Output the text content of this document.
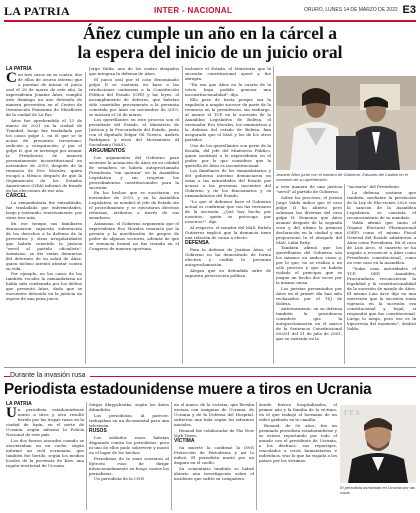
LA PATRIA	INTER - NACIONAL	ORURO, LUNES 14 DE MARZO DE 2022 E3
Áñez cumple un año en la cárcel a
la espera del inicio de un juicio oral
LA PATRIA
C on tres casos en su contra, dos de ellos de ocurso interno que a puertas de iniciar el juicio oral el 28 de marzo de este año, la expresidenta Jeanine Áñez, cumplió este domingo un año detenida de manera preventiva en el Centro de Orientación Femenina de Miraflores de la ciudad de La Paz.
Áñez fue aprehendida el 13 de marzo de 2021 en la ciudad de Trinidad, luego fue trasladada por los casos golpe I, en el que se le acusa de presuntos terrorismo, sedición y conspiración; y por el golpe II, que se investigó por asumir la Presidencia de manera presuntamente inconstitucional en noviembre de 2019, después de la renuncia de Evo Morales, quien escapó a México después de que la Organización de los Estados Americanos (OEA) informó de fraude en las elecciones de ese año.
CÁRCEL
La exmandataria fue extraditada, fue trasladada por enfermedades, largo y sostenido, reactivamente, por otras tres más.
En ese tiempo sus familiares denunciaron supuesta vulneración de los derechos a la defensa de la preventiva y otras irregularidades que habría cometido la justicia "servil al partido oficialista". Asimismo, se dio varias denuncias del deterioro de su salud de Áñez, quien incluso intentó atentar contra su vida.
Por ejemplo, en los casos de los también vocales la exmandataria no había sido condenada por los delitos que presentó Áñez, dado que se encuentra detenida en la justicia en espera de una pena juicio.
Jorge Valda, uno de los cuatro abogados que integran la defensa de Áñez.
El juicio oral por el caso denominado golpe II se sustenta en base a las resoluciones contrarias a la Constitución Política del Estado (CPE) y las leyes, al incumplimiento de deberes, que habrían sido cometidos previamente a la presunta cometida por Áñez en noviembre de 2019, se iniciará el 28 de marzo.
Los querellantes en este proceso son el presidente del Estado, el Ministerio de Justicia y la Procuraduría del Estado, junto con el diputado Edgar Gil Torrico, Andrés Rodríguez y otros del Movimiento Al Socialismo (MAS).
ARGUMENTOS
Los argumentos del Gobierno para sostener la acusación de Áñez en su calidad de senadora se habría autoproclamado Presidenta "sin quórum" en la Asamblea Legislativa y sin respetar los procedimientos constitucionales para la sucesión.
En los hechos que se suscitaron, en noviembre de 2019, y en la Asamblea Legislativa, se nombró al jefe de Estado sin el procedimiento y se ejecutaron diversas reformas, atributos a través de sus senadores.
Asimismo, el Gobierno argumenta que el expresidente Evo Morales renunció por la presión y la movilización de grupos de poder de algunos sectores, además de que su renuncia formal no fue tratada en el Congreso de manera oportuna.
inclusive el Estado, el Ministerio que la sucesión constitucional operó y fue abrupta.
"En esa que Áñez en la cuarta de la crisis, haya podido generar una inconstitucionalidad", dijo.
Ello pese de hasta porque sea la expulsión a ningún sucesor de parte de la renuncia en la presidencia, sin embargo, al menos el TCP en la sucesión de la Asamblea Legislativa de Bolivia, el exsenador Evo Morales, los exministros a la defensa del estado de Bolivia, han asegurado que el MAS y los de los otros partidos.
Uno de los querellantes son parte de la fiscalía, del jefe del Ministerio Público, quien sustituyó a la expresidenta en el poder, por lo que considera que la querella de Áñez es inconstitucional.
Los familiares de los exmandatarios y del gobierno interino denunciaron en estas a las autoridades del Estado por acusar a las personas inocentes del Gobierno y de los funcionarios y ex exmandatarios del Estado.
"Lo que el defensor hace el Gobierno actual es confirmar que con las versiones de la sucesión. ¿Qué hay hecho por nosotros, quién se preocupa por nosotros?", dijo.
Al respecto, el senador del MAS, Rubén Gutiérrez explicó que la denuncia tiene una relación de causa a efecto.
DEFENSA
Para la defensa de Jeanine Áñez, el Gobierno no ha demostrado de forma efectiva y creíble la presunta autoproclamación.
Alegan que su defendida sufre de supuesta persecución política.
Jeanine Áñez junto con el ministro de Gobierno, Eduardo del Castillo en el momento de su aprehensión.
a esta manera de una justicia "servil" al partido de Gobierno.
Sobre los procesos, el jurista Jorge Valda indicó que el caso golpe II ha abierto pero sobrasar las diversas del caso golpe II: Demonio que Áñez asumió después de la segunda cosa y del ultimo la primera declaración en la ciudad y una proporcionó la el abogado del MAS, Lidia Patty.
También afirmó que los querellantes del Gobierno son los mismos en ambos casos y, por lo que, no se realiza a un sólo proceso y que se habría violado el principio que se juzgue un hecho dos veces por la misma causa.
Los juristas presentados por Áñez en el primer día han sido rechazados por el TSJ de Bolivia.
Anteriormente, en su defensa también la presidencia consideró que la autoproclamación en el marco de la Sentencia Constitucional 003/01 del 31 de julio de 2001, que se sustenta en la
"sucesión" del Presidente.
La defensa sostiene que también, mediante la prestación de la Ley de Elecciones 2020 con la sanción de la Asamblea Legislativa, se constata el reconocimiento de su mandato.
Valda afirmó que tanto el Órgano Electoral Plurinacional (OEP) como el mismo Fiscal General del Estado admitieron a Áñez como Presidenta. En el caso de Luis Arce, el cuarteto se ha negado a reconocer a Áñez como Presidenta constitucional, como en este caso en la Asamblea.
"Todas esas autoridades el TCP, OEP, Asamblea, Procuraduría reconocieron la legalidad y la constitucionalidad de la sucesión de mando de Áñez. El mismo Luis Arce dijo en una entrevista que la sucesión tenía vigencia en la sucesión era constitucional y legal, si respondió que fue constitucional. Luego lo niega, pero eso es la hipocresía del momento", deslizó Valda.
Durante la invasión rusa
Periodista estadounidense muere a tiros en Ucrania
LA PATRIA
U n periodista estadounidense murió a tiros y otro resultó herido por las tropas rusas en la ciudad de Irpín, en el norte de Ucrania, según informó la Policía Nacional de este país.
Los dos fueron atacados cuando se encontraban en un coche, según informó un civil ucraniano, que también fue herido, según los medios locales de la provincia de Kiev, una región territorial de Ucrania.
Sergio Skrypchenko, según los datos difundidos.
Los periodistas, al parecer, trabajaban en un documental para una televisión.
RUSOS
Los soldados rusos habrían disparado contra los periodistas, pero ni uno de ellos pudo sobrevivir y murió en el lugar de los hechos.
Periodistas de la zona acusaron al Ejército ruso de dirigir intencionadamente su fuego contra los periodistas.
Un periodista de la CNN
en el marco de la victoria, que llevaba excisas con insignias de Ucrania, de Ucrania y de la Defensa del Hospital, sufrieron una bala según los informes iniciales.
Renaud fue colaborador de The New York Times.
VÍCTIMA
Su muerte la confirmó la ONG Protección de Periodistas y así lo indicó. El periodista murió por un disparo en el cuello.
Su comentario también se habrá abierto una investigación sobre el incidente que sufrió su compañero.
donde fueron hospitalizados, el primer año y la familia de la víctima, en el que trabajó el hermano de un vídeo grabado en la camilla.
Renaud, de 50 años, fue un premiado periodista estadounidense y se estuvo reportando por todo el mundo con el presidente de Ucrania, a los destinos, sus reportajes, vinculados a crisis humanitarias e individuos, tras lo que ha viajado a los países por las víctimas.
P E A
El periodista asesinado en Ucrania por las rusas.
